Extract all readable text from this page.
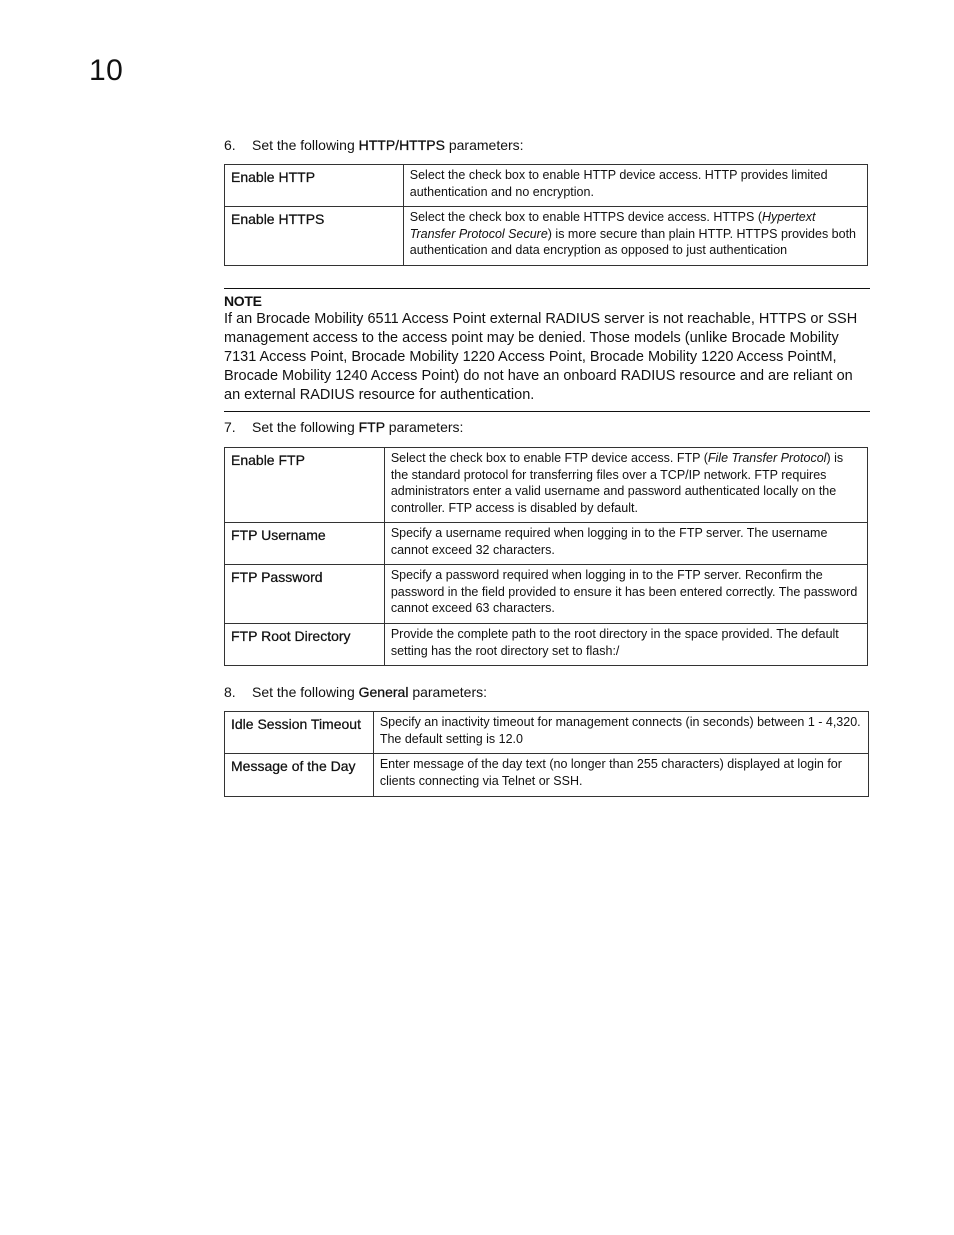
10
6. Set the following HTTP/HTTPS parameters:
Enable HTTP	Select the check box to enable HTTP device access. HTTP provides limited authentication and no encryption.
Enable HTTPS	Select the check box to enable HTTPS device access. HTTPS (Hypertext Transfer Protocol Secure) is more secure than plain HTTP. HTTPS provides both authentication and data encryption as opposed to just authentication
NOTE
If an Brocade Mobility 6511 Access Point external RADIUS server is not reachable, HTTPS or SSH management access to the access point may be denied. Those models (unlike Brocade Mobility 7131 Access Point, Brocade Mobility 1220 Access Point, Brocade Mobility 1220 Access PointM, Brocade Mobility 1240 Access Point) do not have an onboard RADIUS resource and are reliant on an external RADIUS resource for authentication.
7. Set the following FTP parameters:
Enable FTP	Select the check box to enable FTP device access. FTP (File Transfer Protocol) is the standard protocol for transferring files over a TCP/IP network. FTP requires administrators enter a valid username and password authenticated locally on the controller. FTP access is disabled by default.
FTP Username	Specify a username required when logging in to the FTP server. The username cannot exceed 32 characters.
FTP Password	Specify a password required when logging in to the FTP server. Reconfirm the password in the field provided to ensure it has been entered correctly. The password cannot exceed 63 characters.
FTP Root Directory	Provide the complete path to the root directory in the space provided. The default setting has the root directory set to flash:/
8. Set the following General parameters:
Idle Session Timeout	Specify an inactivity timeout for management connects (in seconds) between 1 - 4,320. The default setting is 12.0
Message of the Day	Enter message of the day text (no longer than 255 characters) displayed at login for clients connecting via Telnet or SSH.
